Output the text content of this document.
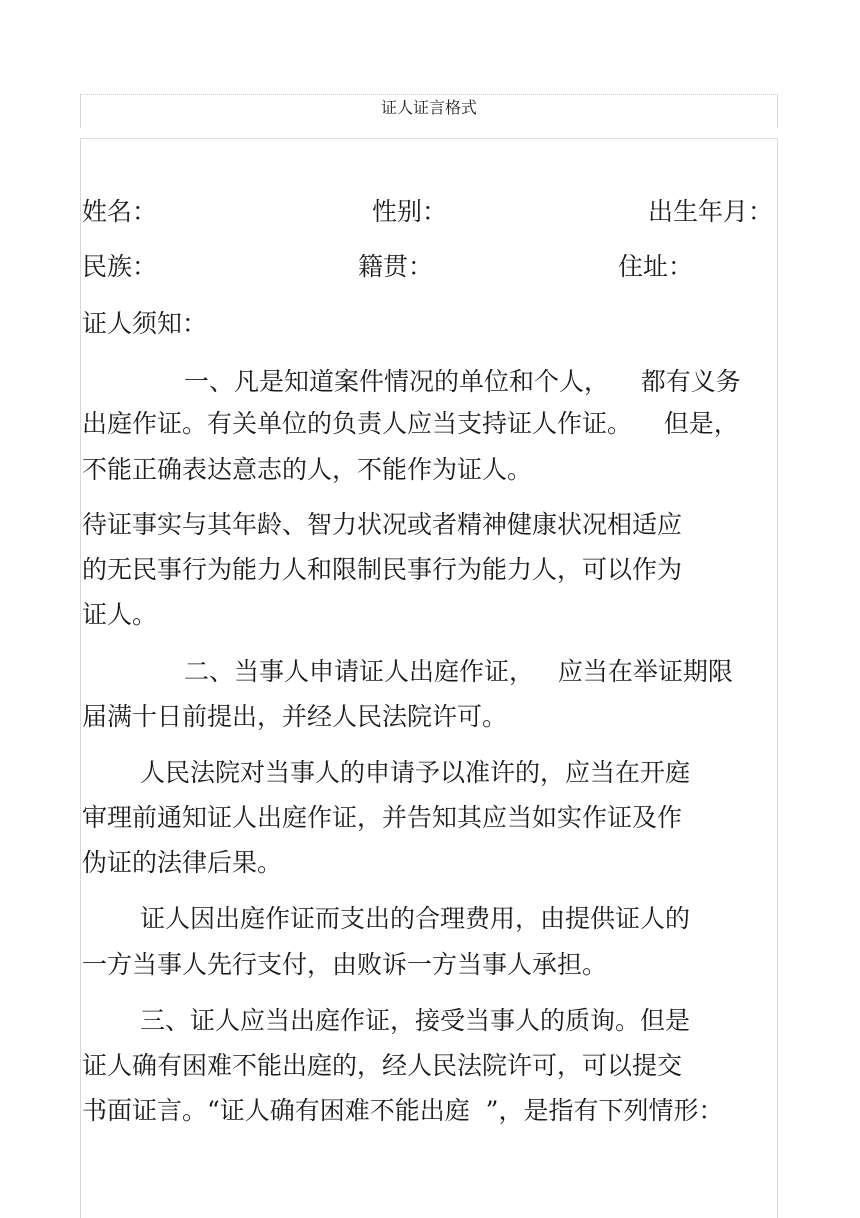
证人证言格式
姓名：	性别：	出生年月：
民族：	籍贯：	住址：
证人须知：
一、凡是知道案件情况的单位和个人，    都有义务
出庭作证。有关单位的负责人应当支持证人作证。    但是，
不能正确表达意志的人，不能作为证人。
待证事实与其年龄、智力状况或者精神健康状况相适应
的无民事行为能力人和限制民事行为能力人，可以作为
证人。
二、当事人申请证人出庭作证，   应当在举证期限
届满十日前提出，并经人民法院许可。
人民法院对当事人的申请予以准许的，应当在开庭
审理前通知证人出庭作证，并告知其应当如实作证及作
伪证的法律后果。
证人因出庭作证而支出的合理费用，由提供证人的
一方当事人先行支付，由败诉一方当事人承担。
三、证人应当出庭作证，接受当事人的质询。但是
证人确有困难不能出庭的，经人民法院许可，可以提交
书面证言。“证人确有困难不能出庭  ”，是指有下列情形：
